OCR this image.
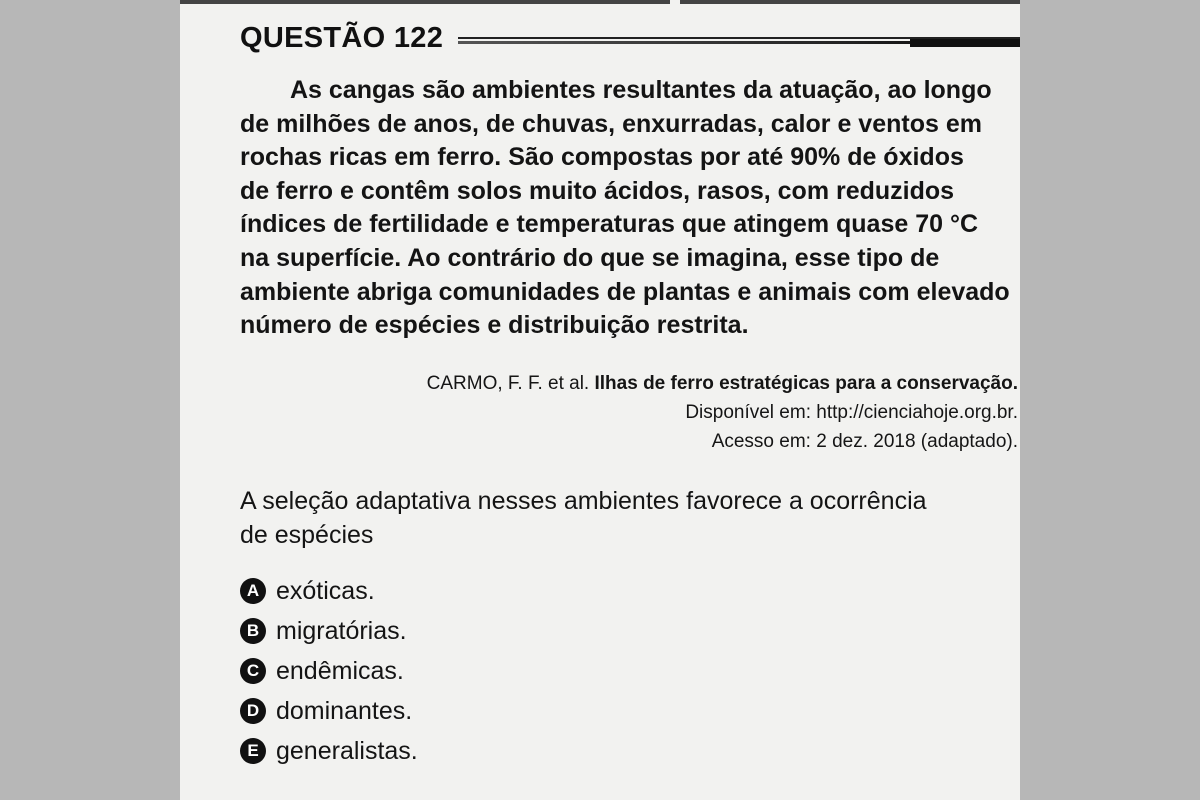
QUESTÃO 122
As cangas são ambientes resultantes da atuação, ao longo
de milhões de anos, de chuvas, enxurradas, calor e ventos em
rochas ricas em ferro. São compostas por até 90% de óxidos
de ferro e contêm solos muito ácidos, rasos, com reduzidos
índices de fertilidade e temperaturas que atingem quase 70 °C
na superfície. Ao contrário do que se imagina, esse tipo de
ambiente abriga comunidades de plantas e animais com elevado
número de espécies e distribuição restrita.
CARMO, F. F. et al. Ilhas de ferro estratégicas para a conservação.
Disponível em: http://cienciahoje.org.br.
Acesso em: 2 dez. 2018 (adaptado).
A seleção adaptativa nesses ambientes favorece a ocorrência
de espécies
A exóticas.
B migratórias.
C endêmicas.
D dominantes.
E generalistas.
